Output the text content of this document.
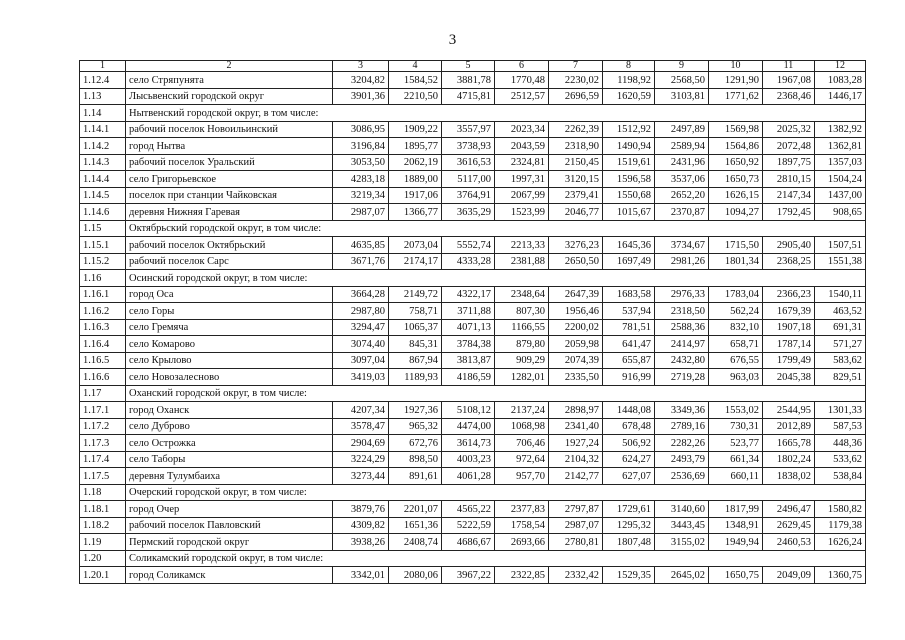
3
1	2	3	4	5	6	7	8	9	10	11	12
1.12.4	село Стряпунята	3204,82	1584,52	3881,78	1770,48	2230,02	1198,92	2568,50	1291,90	1967,08	1083,28
1.13	Лысьвенский городской округ	3901,36	2210,50	4715,81	2512,57	2696,59	1620,59	3103,81	1771,62	2368,46	1446,17
1.14	Нытвенский городской округ, в том числе:										
1.14.1	рабочий поселок Новоильинский	3086,95	1909,22	3557,97	2023,34	2262,39	1512,92	2497,89	1569,98	2025,32	1382,92
1.14.2	город Нытва	3196,84	1895,77	3738,93	2043,59	2318,90	1490,94	2589,94	1564,86	2072,48	1362,81
1.14.3	рабочий поселок Уральский	3053,50	2062,19	3616,53	2324,81	2150,45	1519,61	2431,96	1650,92	1897,75	1357,03
1.14.4	село Григорьевское	4283,18	1889,00	5117,00	1997,31	3120,15	1596,58	3537,06	1650,73	2810,15	1504,24
1.14.5	поселок при станции Чайковская	3219,34	1917,06	3764,91	2067,99	2379,41	1550,68	2652,20	1626,15	2147,34	1437,00
1.14.6	деревня Нижняя Гаревая	2987,07	1366,77	3635,29	1523,99	2046,77	1015,67	2370,87	1094,27	1792,45	908,65
1.15	Октябрьский городской округ, в том числе:										
1.15.1	рабочий поселок Октябрьский	4635,85	2073,04	5552,74	2213,33	3276,23	1645,36	3734,67	1715,50	2905,40	1507,51
1.15.2	рабочий поселок Сарс	3671,76	2174,17	4333,28	2381,88	2650,50	1697,49	2981,26	1801,34	2368,25	1551,38
1.16	Осинский городской округ, в том числе:										
1.16.1	город Оса	3664,28	2149,72	4322,17	2348,64	2647,39	1683,58	2976,33	1783,04	2366,23	1540,11
1.16.2	село Горы	2987,80	758,71	3711,88	807,30	1956,46	537,94	2318,50	562,24	1679,39	463,52
1.16.3	село Гремяча	3294,47	1065,37	4071,13	1166,55	2200,02	781,51	2588,36	832,10	1907,18	691,31
1.16.4	село Комарово	3074,40	845,31	3784,38	879,80	2059,98	641,47	2414,97	658,71	1787,14	571,27
1.16.5	село Крылово	3097,04	867,94	3813,87	909,29	2074,39	655,87	2432,80	676,55	1799,49	583,62
1.16.6	село Новозалесново	3419,03	1189,93	4186,59	1282,01	2335,50	916,99	2719,28	963,03	2045,38	829,51
1.17	Оханский городской округ, в том числе:										
1.17.1	город Оханск	4207,34	1927,36	5108,12	2137,24	2898,97	1448,08	3349,36	1553,02	2544,95	1301,33
1.17.2	село Дуброво	3578,47	965,32	4474,00	1068,98	2341,40	678,48	2789,16	730,31	2012,89	587,53
1.17.3	село Острожка	2904,69	672,76	3614,73	706,46	1927,24	506,92	2282,26	523,77	1665,78	448,36
1.17.4	село Таборы	3224,29	898,50	4003,23	972,64	2104,32	624,27	2493,79	661,34	1802,24	533,62
1.17.5	деревня Тулумбаиха	3273,44	891,61	4061,28	957,70	2142,77	627,07	2536,69	660,11	1838,02	538,84
1.18	Очерский городской округ, в том числе:										
1.18.1	город Очер	3879,76	2201,07	4565,22	2377,83	2797,87	1729,61	3140,60	1817,99	2496,47	1580,82
1.18.2	рабочий поселок Павловский	4309,82	1651,36	5222,59	1758,54	2987,07	1295,32	3443,45	1348,91	2629,45	1179,38
1.19	Пермский городской округ	3938,26	2408,74	4686,67	2693,66	2780,81	1807,48	3155,02	1949,94	2460,53	1626,24
1.20	Соликамский городской округ, в том числе:										
1.20.1	город Соликамск	3342,01	2080,06	3967,22	2322,85	2332,42	1529,35	2645,02	1650,75	2049,09	1360,75
